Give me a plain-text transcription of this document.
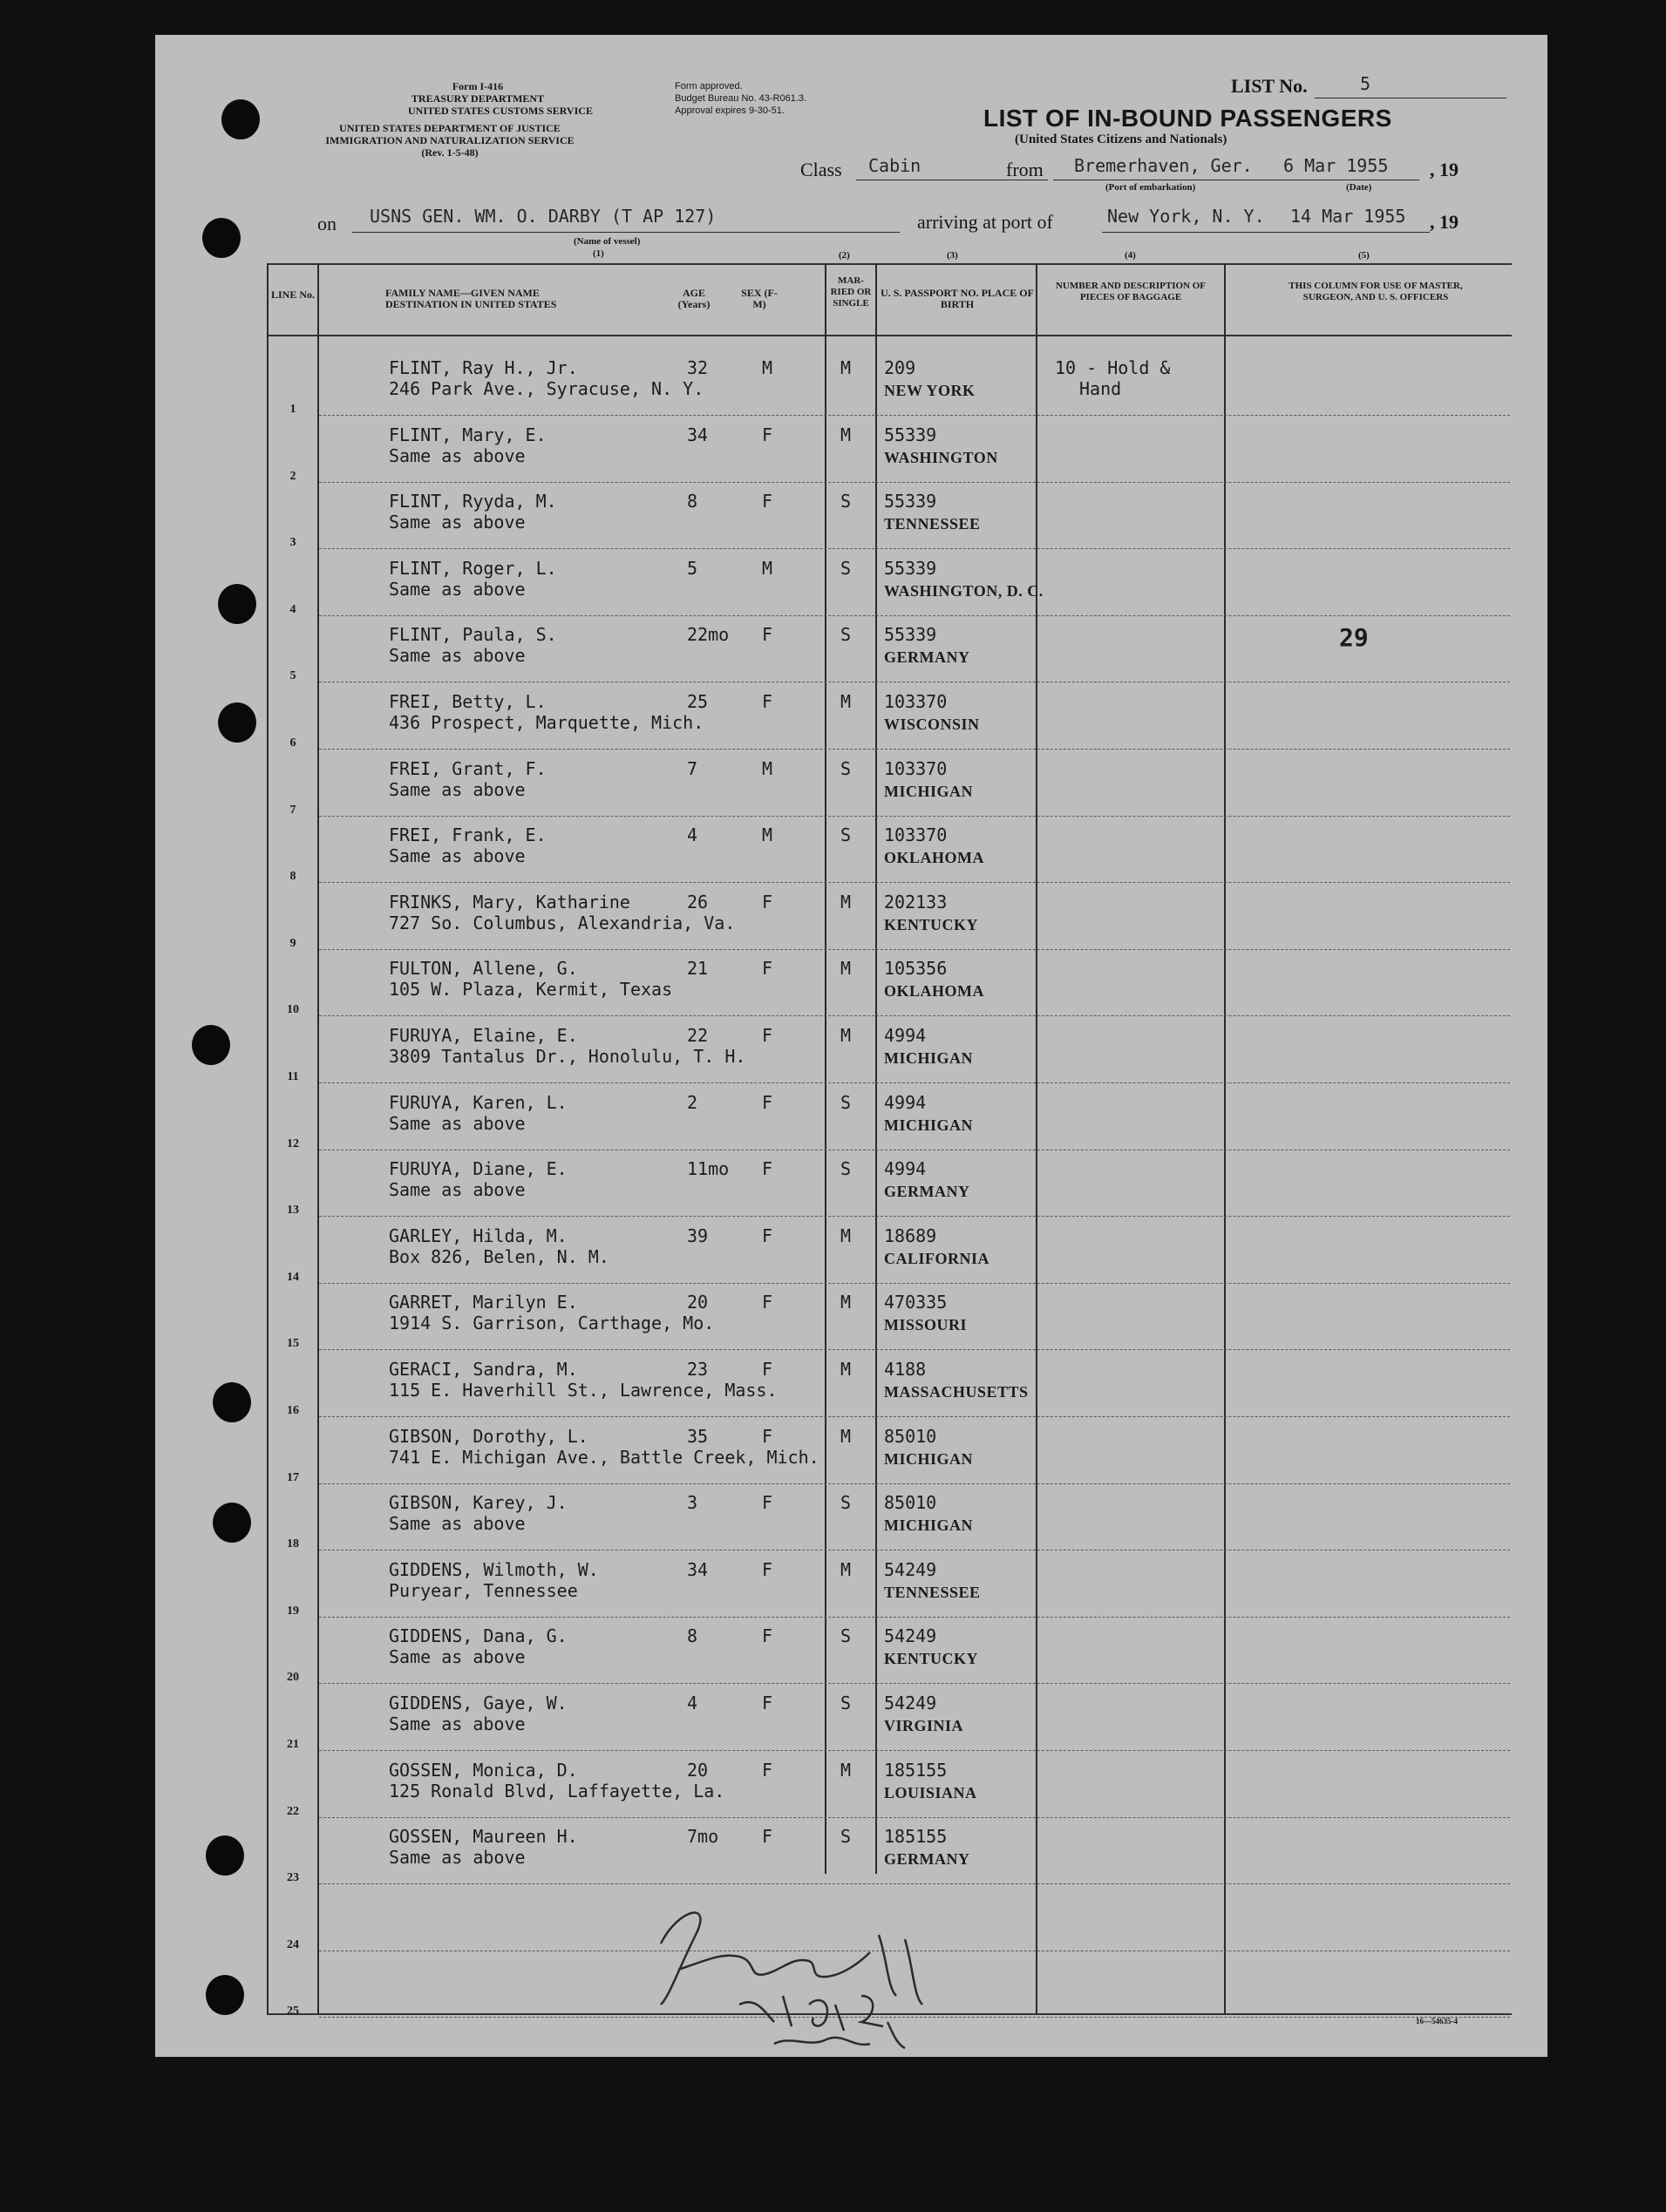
Form I-416
TREASURY DEPARTMENT
UNITED STATES CUSTOMS SERVICE
UNITED STATES DEPARTMENT OF JUSTICE
IMMIGRATION AND NATURALIZATION SERVICE
(Rev. 1-5-48)
Form approved.
Budget Bureau No. 43-R061.3.
Approval expires 9-30-51.
LIST No.	5
LIST OF IN-BOUND PASSENGERS
(United States Citizens and Nationals)
Class Cabin	from Bremerhaven, Ger. 6 Mar 1955 , 19
(Port of embarkation)	(Date)
on USNS GEN. WM. O. DARBY (T AP 127)
(Name of vessel)
(1)
arriving at port of	New York, N. Y. 14 Mar 1955 , 19
(2)	(3)	(4)	(5)
LINE No.	FAMILY NAME—GIVEN NAME DESTINATION IN UNITED STATES
AGE (Years)
SEX (F-M)
MAR- RIED OR SINGLE
U. S. PASSPORT NO. PLACE OF BIRTH
NUMBER AND DESCRIPTION OF PIECES OF BAGGAGE
THIS COLUMN FOR USE OF MASTER, SURGEON, AND U. S. OFFICERS
1
FLINT, Ray H., Jr.
246 Park Ave., Syracuse, N. Y.
32	M	M 209
NEW YORK
10 - Hold &
Hand
2
FLINT, Mary, E.
Same as above
34	F	M 55339
WASHINGTON
3
FLINT, Ryyda, M.
Same as above
8	F	S 55339
TENNESSEE
4
FLINT, Roger, L.
Same as above
5	M	S 55339
WASHINGTON, D. C.
5
FLINT, Paula, S.
Same as above
22mo F	S 55339
GERMANY
29
6
FREI, Betty, L.
436 Prospect, Marquette, Mich.
25	F	M 103370
WISCONSIN
7
FREI, Grant, F.
Same as above
7	M	S 103370
MICHIGAN
8
FREI, Frank, E.
Same as above
4	M	S 103370
OKLAHOMA
9
FRINKS, Mary, Katharine
727 So. Columbus, Alexandria, Va.
26	F	M 202133
KENTUCKY
10
FULTON, Allene, G.
105 W. Plaza, Kermit, Texas
21	F	M 105356
OKLAHOMA
11
FURUYA, Elaine, E.
3809 Tantalus Dr., Honolulu, T. H.
22	F	M 4994
MICHIGAN
12
FURUYA, Karen, L.
Same as above
2	F	S 4994
MICHIGAN
13
FURUYA, Diane, E.
Same as above
11mo F	S 4994
GERMANY
14
GARLEY, Hilda, M.
Box 826, Belen, N. M.
39	F	M 18689
CALIFORNIA
15
GARRET, Marilyn E.
1914 S. Garrison, Carthage, Mo.
20	F	M 470335
MISSOURI
16
GERACI, Sandra, M.
115 E. Haverhill St., Lawrence, Mass.
23	F	M 4188
MASSACHUSETTS
17
GIBSON, Dorothy, L.
741 E. Michigan Ave., Battle Creek, Mich.
35	F	M 85010
MICHIGAN
18
GIBSON, Karey, J.
Same as above
3	F	S 85010
MICHIGAN
19
GIDDENS, Wilmoth, W.
Puryear, Tennessee
34	F	M 54249
TENNESSEE
20
GIDDENS, Dana, G.
Same as above
8	F	S 54249
KENTUCKY
21
GIDDENS, Gaye, W.
Same as above
4	F	S 54249
VIRGINIA
22
GOSSEN, Monica, D.
125 Ronald Blvd, Laffayette, La.
20	F	M 185155
LOUISIANA
23
GOSSEN, Maureen H.
Same as above
7mo F	S 185155
GERMANY
24
25
16—54635-4
